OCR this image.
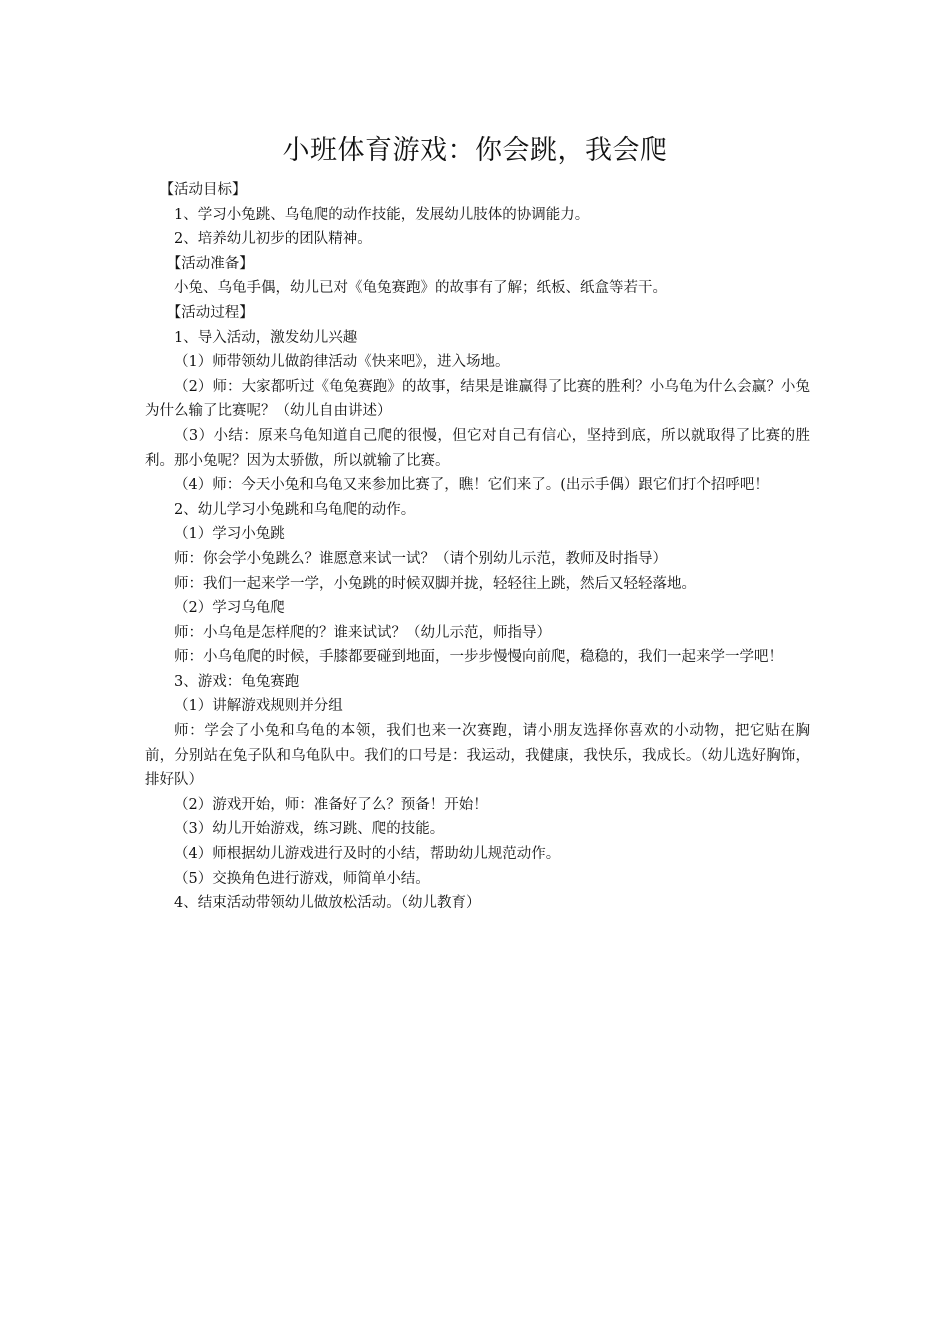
小班体育游戏：你会跳，我会爬

【活动目标】

1、学习小兔跳、乌龟爬的动作技能，发展幼儿肢体的协调能力。

2、培养幼儿初步的团队精神。

【活动准备】

小兔、乌龟手偶，幼儿已对《龟兔赛跑》的故事有了解；纸板、纸盒等若干。

【活动过程】

1、导入活动，激发幼儿兴趣

（1）师带领幼儿做韵律活动《快来吧》，进入场地。

（2）师：大家都听过《龟兔赛跑》的故事，结果是谁赢得了比赛的胜利？小乌龟为什么会赢？小兔为什么输了比赛呢？（幼儿自由讲述）

（3）小结：原来乌龟知道自己爬的很慢，但它对自己有信心，坚持到底，所以就取得了比赛的胜利。那小兔呢？因为太骄傲，所以就输了比赛。

（4）师：今天小兔和乌龟又来参加比赛了，瞧！它们来了。(出示手偶）跟它们打个招呼吧！

2、幼儿学习小兔跳和乌龟爬的动作。

（1）学习小兔跳

师：你会学小兔跳么？谁愿意来试一试？（请个别幼儿示范，教师及时指导）

师：我们一起来学一学，小兔跳的时候双脚并拢，轻轻往上跳，然后又轻轻落地。

（2）学习乌龟爬

师：小乌龟是怎样爬的？谁来试试？（幼儿示范，师指导）

师：小乌龟爬的时候，手膝都要碰到地面，一步步慢慢向前爬，稳稳的，我们一起来学一学吧！

3、游戏：龟兔赛跑

（1）讲解游戏规则并分组

师：学会了小兔和乌龟的本领，我们也来一次赛跑，请小朋友选择你喜欢的小动物，把它贴在胸前，分别站在兔子队和乌龟队中。我们的口号是：我运动，我健康，我快乐，我成长。（幼儿选好胸饰，排好队）

（2）游戏开始，师：准备好了么？预备！开始！

（3）幼儿开始游戏，练习跳、爬的技能。

（4）师根据幼儿游戏进行及时的小结，帮助幼儿规范动作。

（5）交换角色进行游戏，师简单小结。

4、结束活动带领幼儿做放松活动。（幼儿教育）
